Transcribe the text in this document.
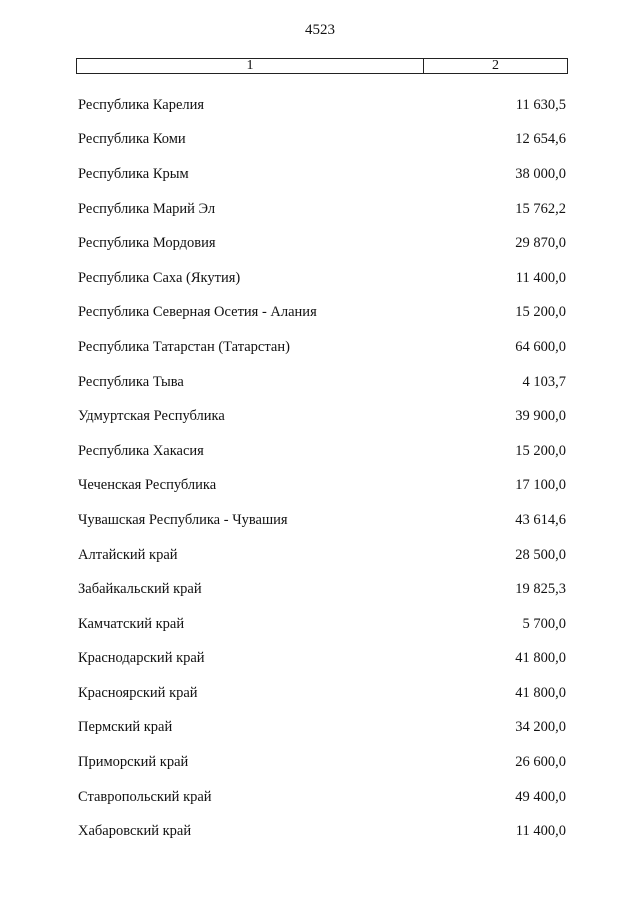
4523
1	2
Республика Карелия	11 630,5
Республика Коми	12 654,6
Республика Крым	38 000,0
Республика Марий Эл	15 762,2
Республика Мордовия	29 870,0
Республика Саха (Якутия)	11 400,0
Республика Северная Осетия - Алания	15 200,0
Республика Татарстан (Татарстан)	64 600,0
Республика Тыва	4 103,7
Удмуртская Республика	39 900,0
Республика Хакасия	15 200,0
Чеченская Республика	17 100,0
Чувашская Республика - Чувашия	43 614,6
Алтайский край	28 500,0
Забайкальский край	19 825,3
Камчатский край	5 700,0
Краснодарский край	41 800,0
Красноярский край	41 800,0
Пермский край	34 200,0
Приморский край	26 600,0
Ставропольский край	49 400,0
Хабаровский край	11 400,0
